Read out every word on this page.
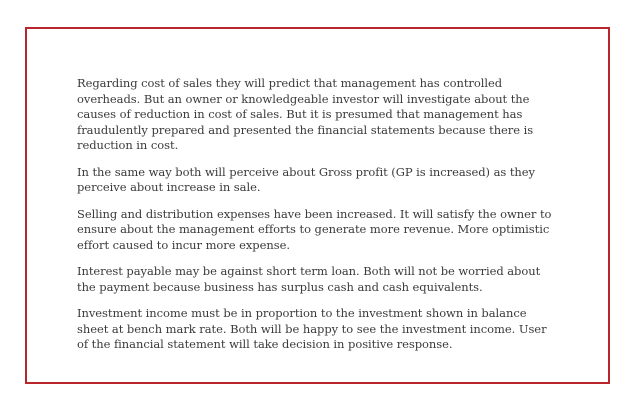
Regarding cost of sales they will predict that management has controlled overheads. But an owner or knowledgeable investor will investigate about the causes of reduction in cost of sales. But it is presumed that management has fraudulently prepared and presented the financial statements because there is reduction in cost.

In the same way both will perceive about Gross profit (GP is increased) as they perceive about increase in sale.

Selling and distribution expenses have been increased. It will satisfy the owner to ensure about the management efforts to generate more revenue. More optimistic effort caused to incur more expense.

Interest payable may be against short term loan. Both will not be worried about the payment because business has surplus cash and cash equivalents.

Investment income must be in proportion to the investment shown in balance sheet at bench mark rate. Both will be happy to see the investment income. User of the financial statement will take decision in positive response.
